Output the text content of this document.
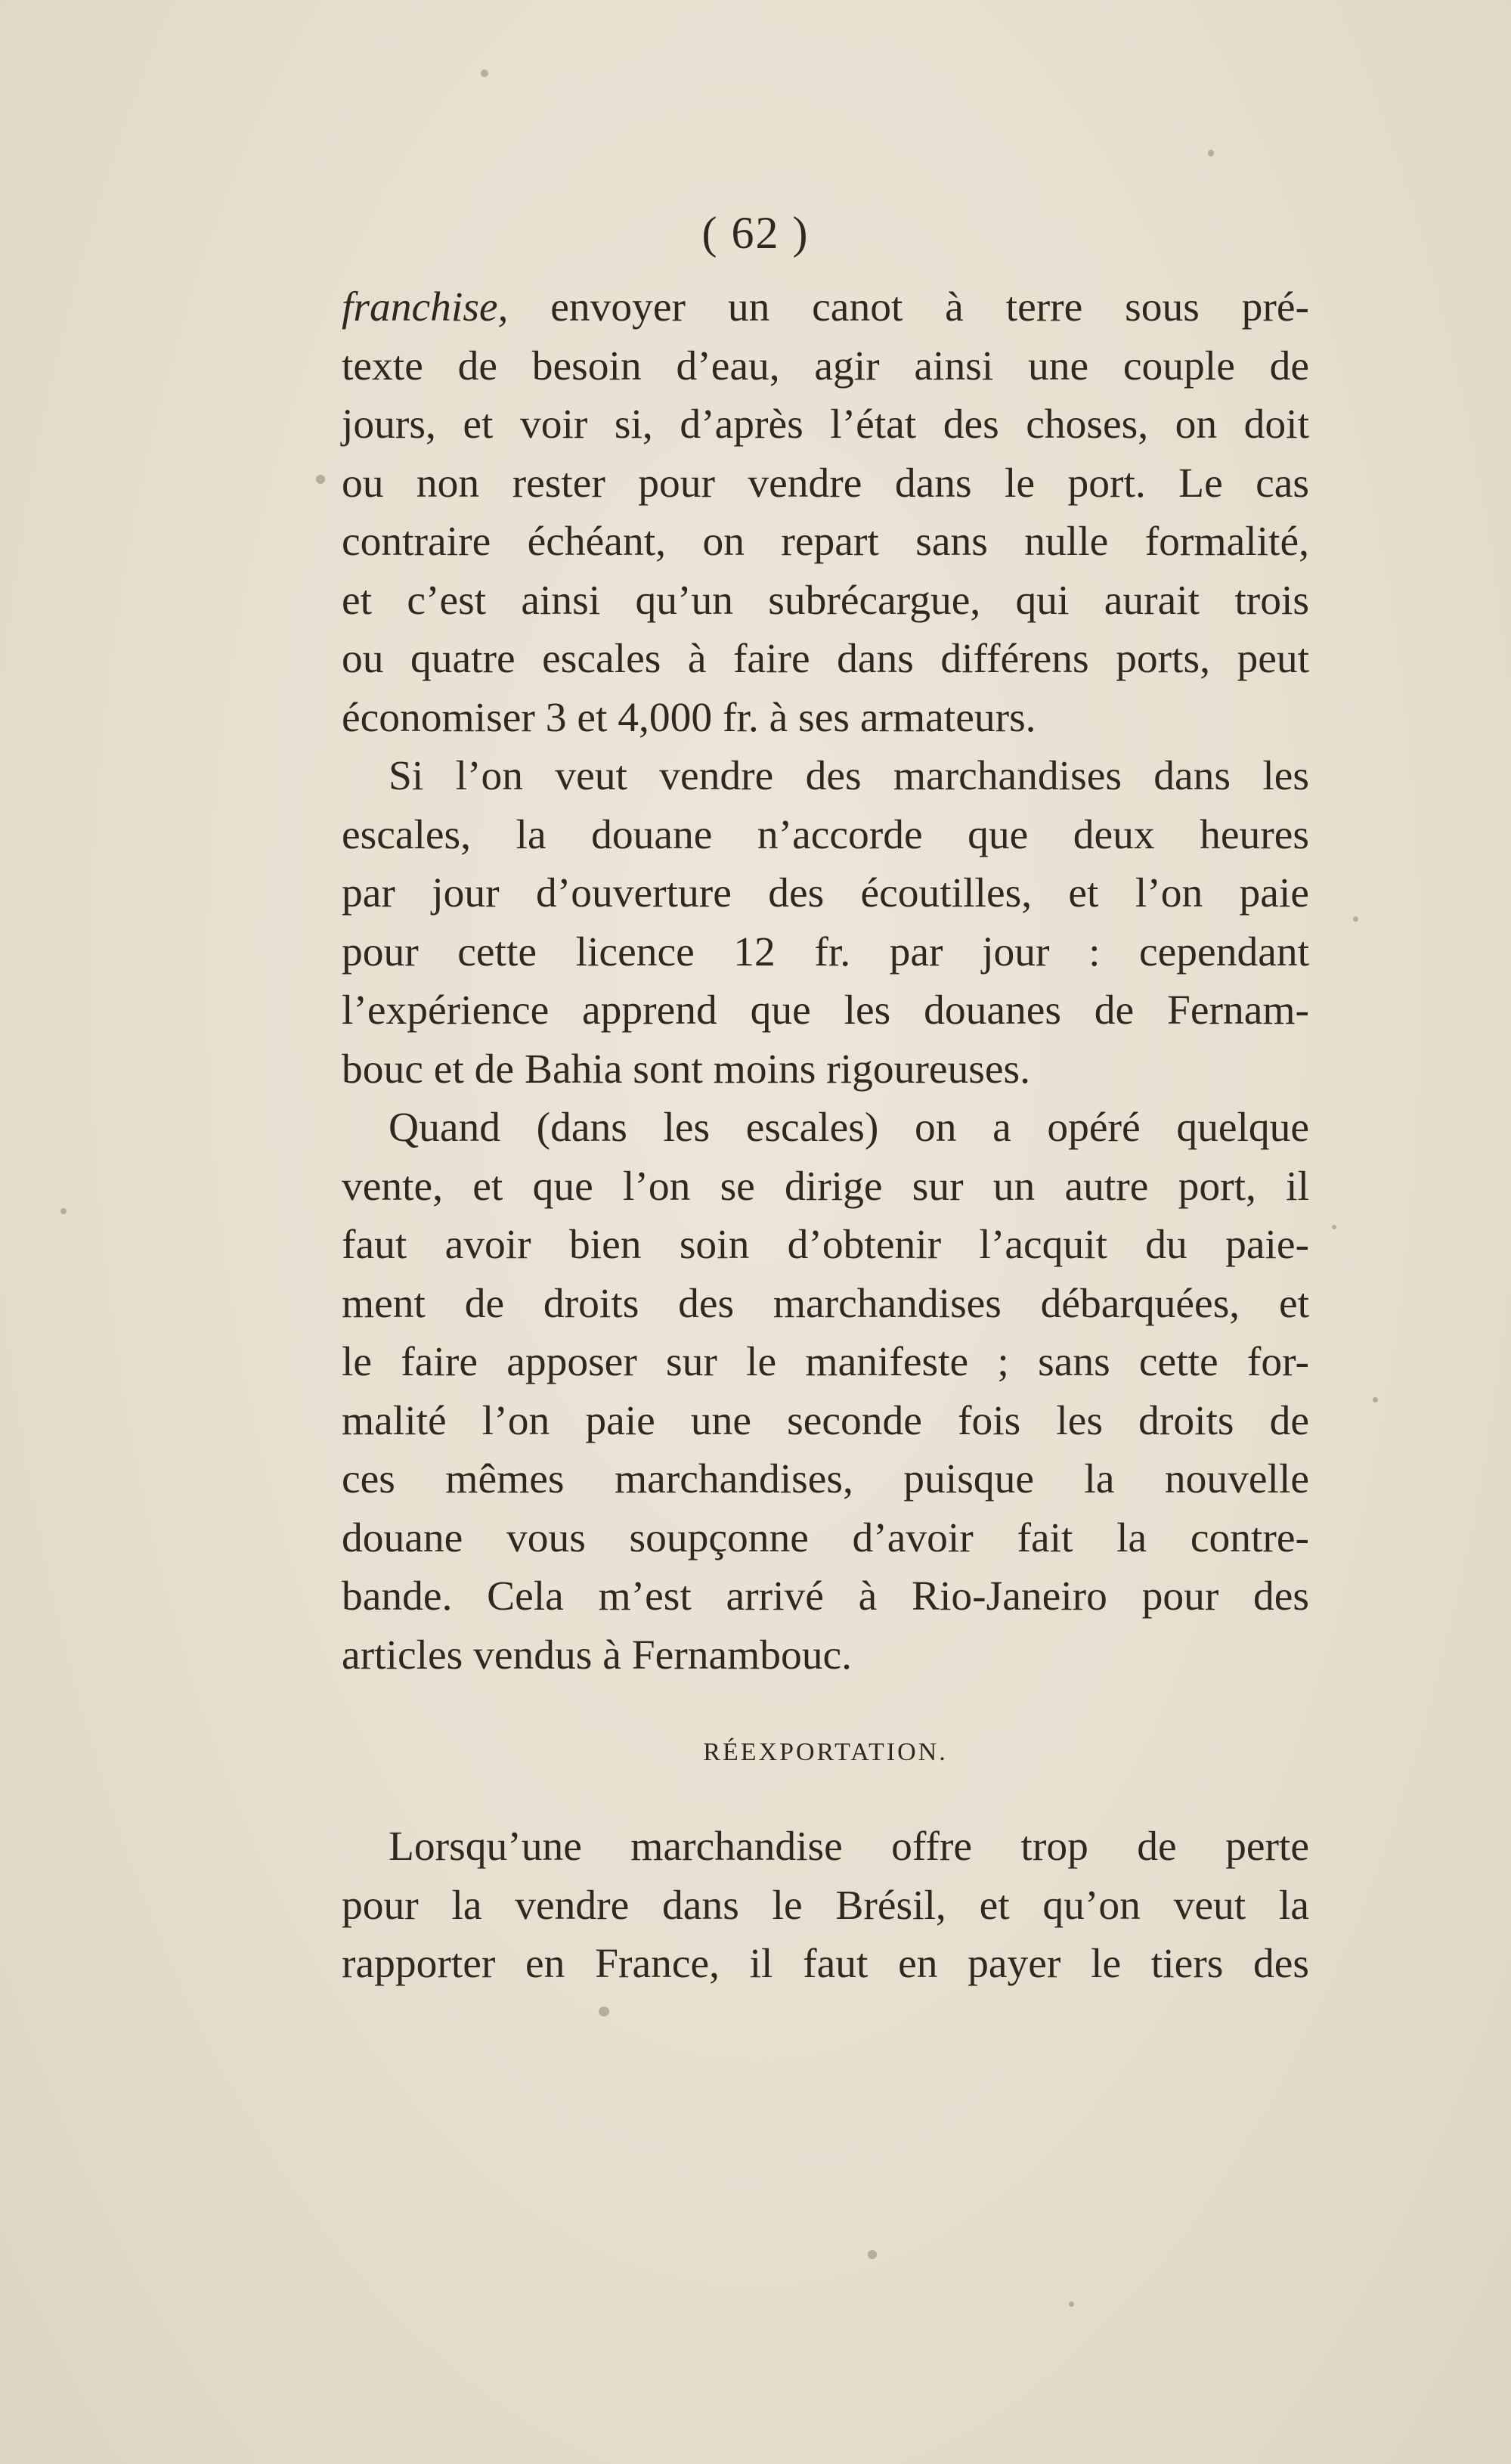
( 62 )
franchise, envoyer un canot à terre sous pré-
texte de besoin d’eau, agir ainsi une couple de
jours, et voir si, d’après l’état des choses, on doit
ou non rester pour vendre dans le port. Le cas
contraire échéant, on repart sans nulle formalité,
et c’est ainsi qu’un subrécargue, qui aurait trois
ou quatre escales à faire dans différens ports, peut
économiser 3 et 4,000 fr. à ses armateurs.
Si l’on veut vendre des marchandises dans les
escales, la douane n’accorde que deux heures
par jour d’ouverture des écoutilles, et l’on paie
pour cette licence 12 fr. par jour : cependant
l’expérience apprend que les douanes de Fernam-
bouc et de Bahia sont moins rigoureuses.
Quand (dans les escales) on a opéré quelque
vente, et que l’on se dirige sur un autre port, il
faut avoir bien soin d’obtenir l’acquit du paie-
ment de droits des marchandises débarquées, et
le faire apposer sur le manifeste ; sans cette for-
malité l’on paie une seconde fois les droits de
ces mêmes marchandises, puisque la nouvelle
douane vous soupçonne d’avoir fait la contre-
bande. Cela m’est arrivé à Rio-Janeiro pour des
articles vendus à Fernambouc.
RÉEXPORTATION.
Lorsqu’une marchandise offre trop de perte
pour la vendre dans le Brésil, et qu’on veut la
rapporter en France, il faut en payer le tiers des
